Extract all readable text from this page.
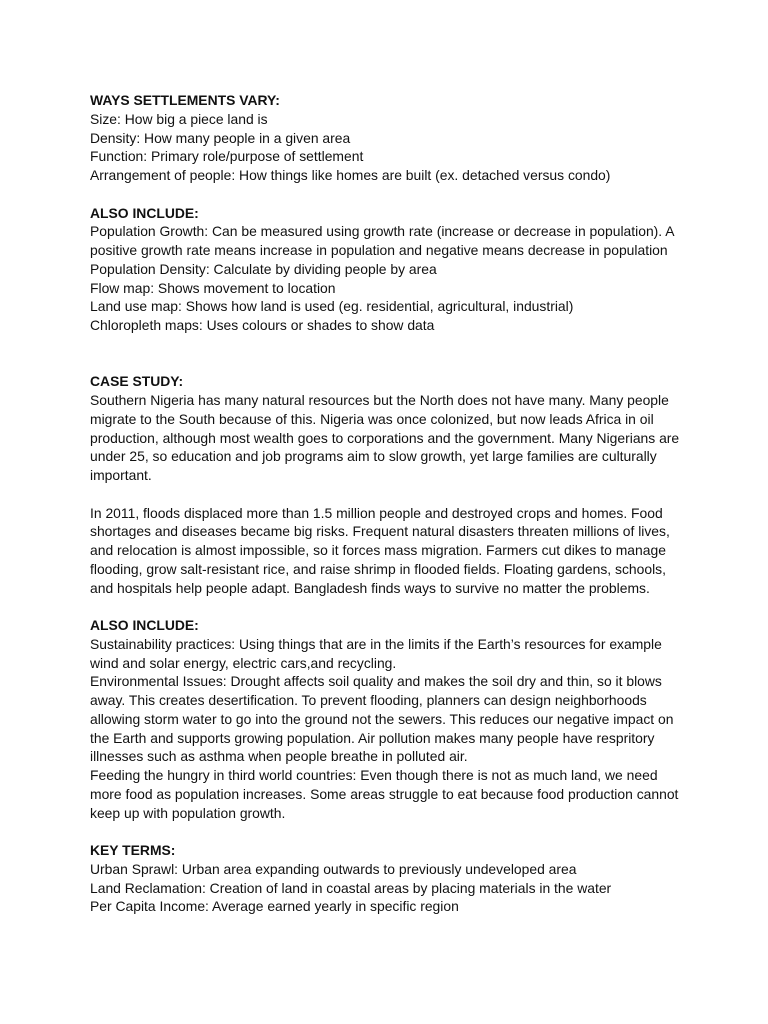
WAYS SETTLEMENTS VARY:

Size: How big a piece land is

Density: How many people in a given area

Function: Primary role/purpose of settlement

Arrangement of people: How things like homes are built (ex. detached versus condo)

ALSO INCLUDE:

Population Growth: Can be measured using growth rate (increase or decrease in population). A

positive growth rate means increase in population and negative means decrease in population

Population Density: Calculate by dividing people by area

Flow map: Shows movement to location

Land use map: Shows how land is used (eg. residential, agricultural, industrial)

Chloropleth maps: Uses colours or shades to show data

CASE STUDY:

Southern Nigeria has many natural resources but the North does not have many. Many people

migrate to the South because of this. Nigeria was once colonized, but now leads Africa in oil

production, although most wealth goes to corporations and the government. Many Nigerians are

under 25, so education and job programs aim to slow growth, yet large families are culturally

important.

In 2011, floods displaced more than 1.5 million people and destroyed crops and homes. Food

shortages and diseases became big risks. Frequent natural disasters threaten millions of lives,

and relocation is almost impossible, so it forces mass migration. Farmers cut dikes to manage

flooding, grow salt-resistant rice, and raise shrimp in flooded fields. Floating gardens, schools,

and hospitals help people adapt. Bangladesh finds ways to survive no matter the problems.

ALSO INCLUDE:

Sustainability practices: Using things that are in the limits if the Earth’s resources for example

wind and solar energy, electric cars,and recycling.

Environmental Issues: Drought affects soil quality and makes the soil dry and thin, so it blows

away. This creates desertification. To prevent flooding, planners can design neighborhoods

allowing storm water to go into the ground not the sewers. This reduces our negative impact on

the Earth and supports growing population. Air pollution makes many people have respritory

illnesses such as asthma when people breathe in polluted air.

Feeding the hungry in third world countries: Even though there is not as much land, we need

more food as population increases. Some areas struggle to eat because food production cannot

keep up with population growth.

KEY TERMS:

Urban Sprawl: Urban area expanding outwards to previously undeveloped area

Land Reclamation: Creation of land in coastal areas by placing materials in the water

Per Capita Income: Average earned yearly in specific region
